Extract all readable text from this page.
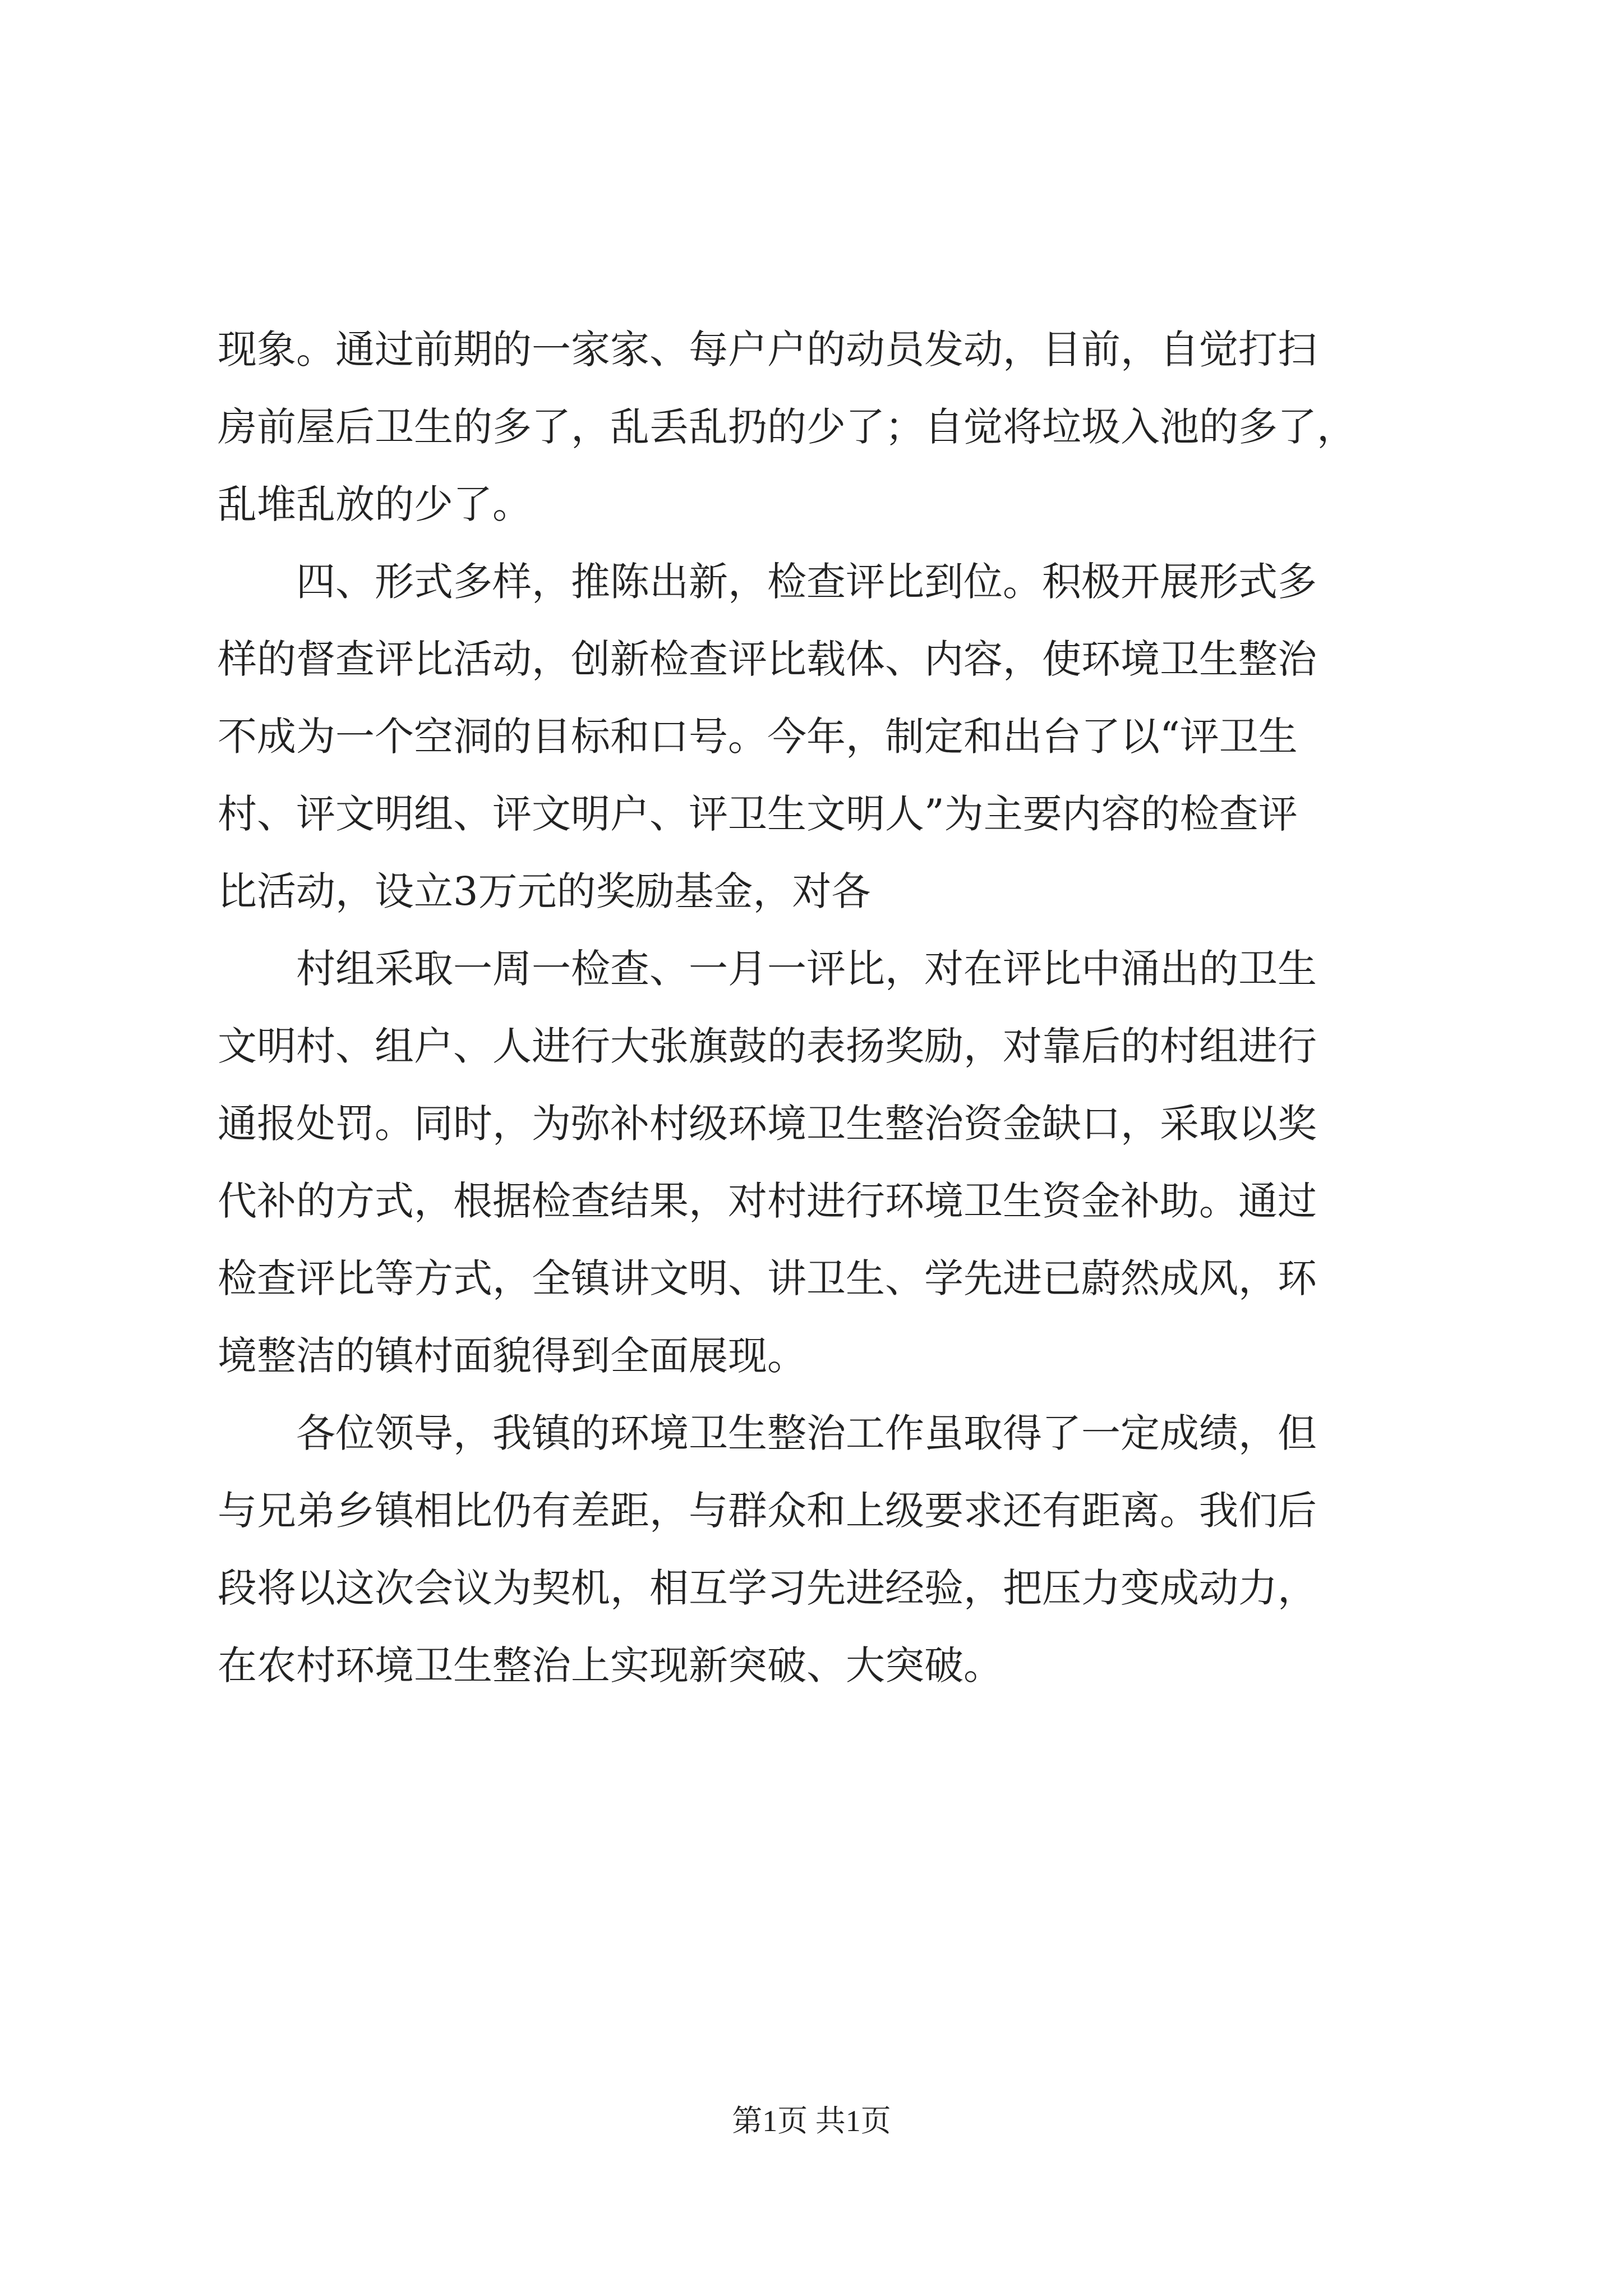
现象。通过前期的一家家、每户户的动员发动，目前，自觉打扫
房前屋后卫生的多了，乱丢乱扔的少了；自觉将垃圾入池的多了，
乱堆乱放的少了。
四、形式多样，推陈出新，检查评比到位。积极开展形式多
样的督查评比活动，创新检查评比载体、内容，使环境卫生整治
不成为一个空洞的目标和口号。今年，制定和出台了以“评卫生
村、评文明组、评文明户、评卫生文明人”为主要内容的检查评
比活动，设立3万元的奖励基金，对各
村组采取一周一检查、一月一评比，对在评比中涌出的卫生
文明村、组户、人进行大张旗鼓的表扬奖励，对靠后的村组进行
通报处罚。同时，为弥补村级环境卫生整治资金缺口，采取以奖
代补的方式，根据检查结果，对村进行环境卫生资金补助。通过
检查评比等方式，全镇讲文明、讲卫生、学先进已蔚然成风，环
境整洁的镇村面貌得到全面展现。
各位领导，我镇的环境卫生整治工作虽取得了一定成绩，但
与兄弟乡镇相比仍有差距，与群众和上级要求还有距离。我们后
段将以这次会议为契机，相互学习先进经验，把压力变成动力，
在农村环境卫生整治上实现新突破、大突破。
第1页 共1页
